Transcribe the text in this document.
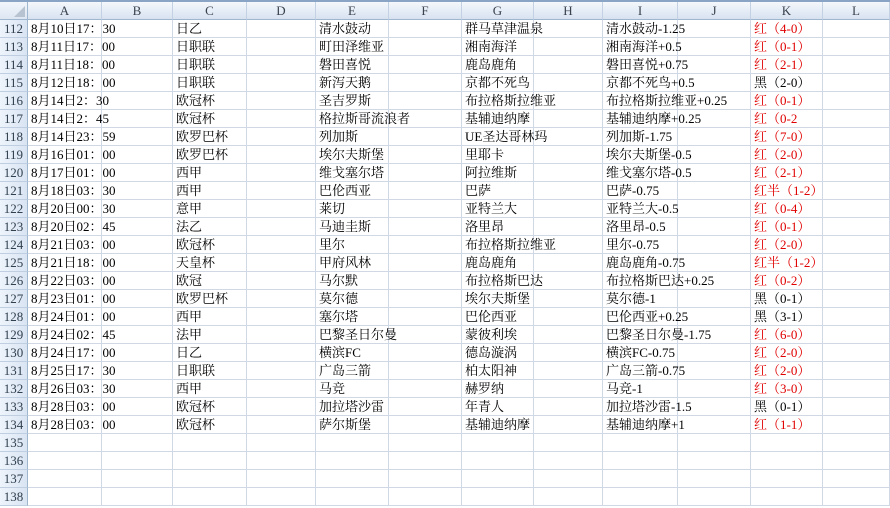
A	B	C	D	E	F	G	H	I	J	K	L
112 8月10日17：30	日乙	清水鼓动	群马草津温泉	清水鼓动-1.25	红（4-0）
113 8月11日17：00	日职联	町田泽维亚	湘南海洋	湘南海洋+0.5	红（0-1）
114 8月11日18：00	日职联	磐田喜悦	鹿岛鹿角	磐田喜悦+0.75	红（2-1）
115 8月12日18：00	日职联	新泻天鹅	京都不死鸟	京都不死鸟+0.5	黑（2-0）
116 8月14日2：30	欧冠杯	圣吉罗斯	布拉格斯拉维亚	布拉格斯拉维亚+0.25 红（0-1）
117 8月14日2：45	欧冠杯	格拉斯哥流浪者	基辅迪纳摩	基辅迪纳摩+0.25	红（0-2
118 8月14日23：59	欧罗巴杯	列加斯	UE圣达哥林玛	列加斯-1.75	红（7-0）
119 8月16日01：00	欧罗巴杯	埃尔夫斯堡	里耶卡	埃尔夫斯堡-0.5	红（2-0）
120 8月17日01：00	西甲	维戈塞尔塔	阿拉维斯	维戈塞尔塔-0.5	红（2-1）
121 8月18日03：30	西甲	巴伦西亚	巴萨	巴萨-0.75	红半（1-2）
122 8月20日00：30	意甲	莱切	亚特兰大	亚特兰大-0.5	红（0-4）
123 8月20日02：45	法乙	马迪圭斯	洛里昂	洛里昂-0.5	红（0-1）
124 8月21日03：00	欧冠杯	里尔	布拉格斯拉维亚	里尔-0.75	红（2-0）
125 8月21日18：00	天皇杯	甲府风林	鹿岛鹿角	鹿岛鹿角-0.75	红半（1-2）
126 8月22日03：00	欧冠	马尔默	布拉格斯巴达	布拉格斯巴达+0.25	红（0-2）
127 8月23日01：00	欧罗巴杯	莫尔德	埃尔夫斯堡	莫尔德-1	黑（0-1）
128 8月24日01：00	西甲	塞尔塔	巴伦西亚	巴伦西亚+0.25	黑（3-1）
129 8月24日02：45	法甲	巴黎圣日尔曼	蒙彼利埃	巴黎圣日尔曼-1.75	红（6-0）
130 8月24日17：00	日乙	横滨FC	德岛漩涡	横滨FC-0.75	红（2-0）
131 8月25日17：30	日职联	广岛三箭	柏太阳神	广岛三箭-0.75	红（2-0）
132 8月26日03：30	西甲	马竞	赫罗纳	马竞-1	红（3-0）
133 8月28日03：00	欧冠杯	加拉塔沙雷	年青人	加拉塔沙雷-1.5	黑（0-1）
134 8月28日03：00	欧冠杯	萨尔斯堡	基辅迪纳摩	基辅迪纳摩+1	红（1-1）
135
136
137
138
